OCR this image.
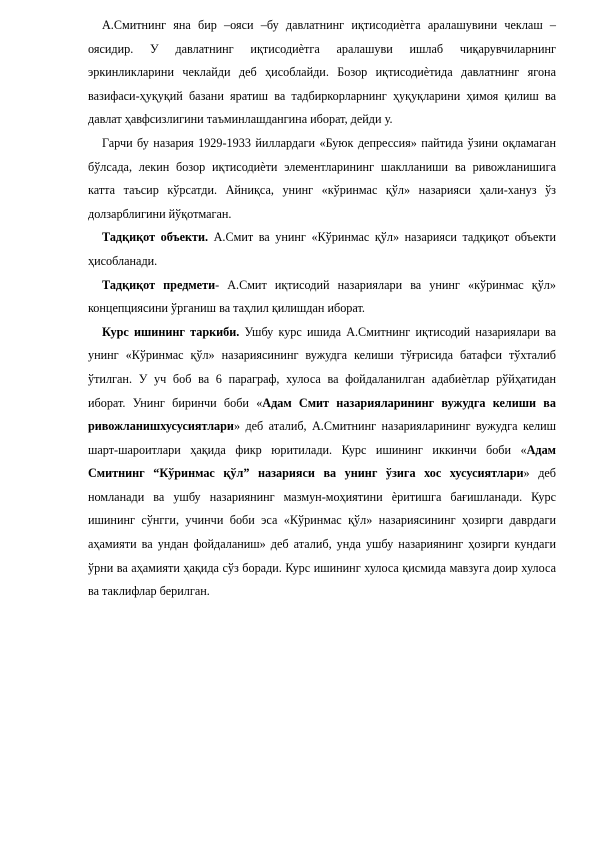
А.Смитнинг яна бир –ояси –бу давлатнинг иқтисодиѐтга аралашувини чеклаш –оясидир. У давлатнинг иқтисодиѐтга аралашуви ишлаб чиқарувчиларнинг эркинликларини чеклайди деб ҳисоблайди. Бозор иқтисодиѐтида давлатнинг ягона вазифаси-ҳуқуқий базани яратиш ва тадбиркорларнинг ҳуқуқларини ҳимоя қилиш ва давлат ҳавфсизлигини таъминлашдангина иборат, дейди у.

Гарчи бу назария 1929-1933 йиллардаги «Буюк депрессия» пайтида ўзини оқламаган бўлсада, лекин бозор иқтисодиѐти элементларининг шаклланиши ва ривожланишига катта таъсир кўрсатди. Айниқса, унинг «кўринмас қўл» назарияси ҳали-хануз ўз долзарблигини йўқотмаган.

Тадқиқот объекти. А.Смит ва унинг «Кўринмас қўл» назарияси тадқиқот объекти ҳисобланади.

Тадқиқот предмети- А.Смит иқтисодий назариялари ва унинг «кўринмас қўл» концепциясини ўрганиш ва таҳлил қилишдан иборат.

Курс ишининг таркиби. Ушбу курс ишида А.Смитнинг иқтисодий назариялари ва унинг «Кўринмас қўл» назариясининг вужудга келиши тўғрисида батафси тўхталиб ўтилган. У уч боб ва 6 параграф, хулоса ва фойдаланилган адабиѐтлар рўйҳатидан иборат. Унинг биринчи боби «Адам Смит назарияларининг вужудга келиши ва ривожланишхусусиятлари» деб аталиб, А.Смитнинг назарияларининг вужудга келиш шарт-шароитлари ҳақида фикр юритилади. Курс ишининг иккинчи боби «Адам Смитнинг “Кўринмас қўл” назарияси ва унинг ўзига хос хусусиятлари» деб номланади ва ушбу назариянинг мазмун-моҳиятини ѐритишга бағишланади. Курс ишининг сўнгги, учинчи боби эса «Кўринмас қўл» назариясининг ҳозирги даврдаги аҳамияти ва ундан фойдаланиш» деб аталиб, унда ушбу назариянинг ҳозирги кундаги ўрни ва аҳамияти ҳақида сўз боради. Курс ишининг хулоса қисмида мавзуга доир хулоса ва таклифлар берилган.
